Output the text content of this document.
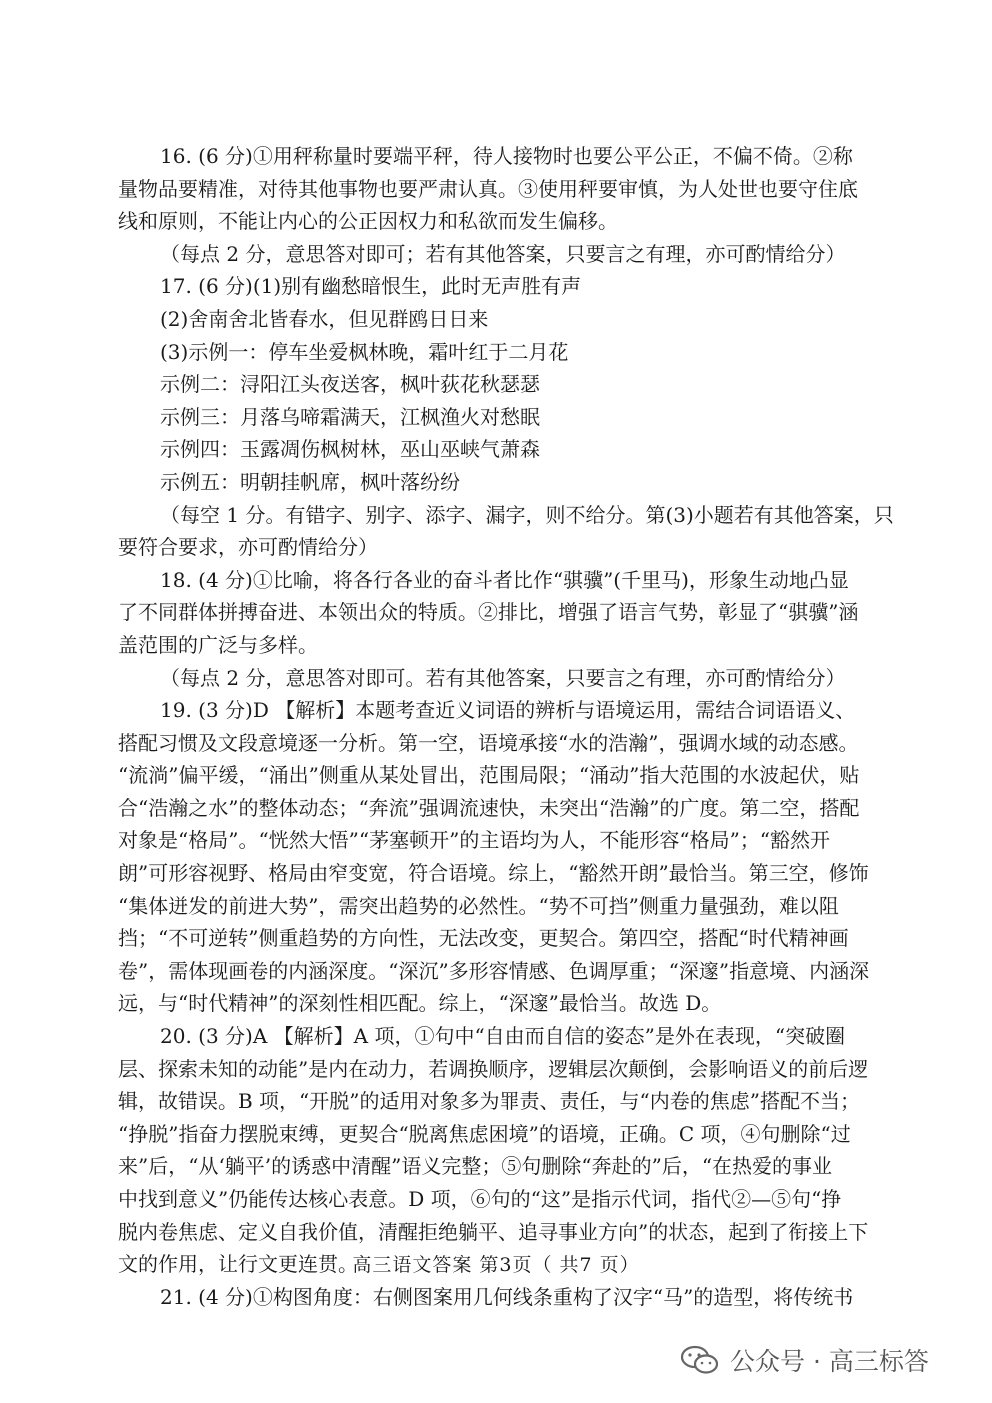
16. (6 分)①用秤称量时要端平秤，待人接物时也要公平公正，不偏不倚。②称
量物品要精准，对待其他事物也要严肃认真。③使用秤要审慎，为人处世也要守住底
线和原则，不能让内心的公正因权力和私欲而发生偏移。
（每点 2 分，意思答对即可；若有其他答案，只要言之有理，亦可酌情给分）
17. (6 分)(1)别有幽愁暗恨生，此时无声胜有声
(2)舍南舍北皆春水，但见群鸥日日来
(3)示例一：停车坐爱枫林晚，霜叶红于二月花
示例二：浔阳江头夜送客，枫叶荻花秋瑟瑟
示例三：月落乌啼霜满天，江枫渔火对愁眠
示例四：玉露凋伤枫树林，巫山巫峡气萧森
示例五：明朝挂帆席，枫叶落纷纷
（每空 1 分。有错字、别字、添字、漏字，则不给分。第(3)小题若有其他答案，只
要符合要求，亦可酌情给分）
18. (4 分)①比喻，将各行各业的奋斗者比作“骐骥”(千里马)，形象生动地凸显
了不同群体拼搏奋进、本领出众的特质。②排比，增强了语言气势，彰显了“骐骥”涵
盖范围的广泛与多样。
（每点 2 分，意思答对即可。若有其他答案，只要言之有理，亦可酌情给分）
19. (3 分)D 【解析】本题考查近义词语的辨析与语境运用，需结合词语语义、
搭配习惯及文段意境逐一分析。第一空，语境承接“水的浩瀚”，强调水域的动态感。
“流淌”偏平缓，“涌出”侧重从某处冒出，范围局限；“涌动”指大范围的水波起伏，贴
合“浩瀚之水”的整体动态；“奔流”强调流速快，未突出“浩瀚”的广度。第二空，搭配
对象是“格局”。“恍然大悟”“茅塞顿开”的主语均为人，不能形容“格局”；“豁然开
朗”可形容视野、格局由窄变宽，符合语境。综上，“豁然开朗”最恰当。第三空，修饰
“集体迸发的前进大势”，需突出趋势的必然性。“势不可挡”侧重力量强劲，难以阻
挡；“不可逆转”侧重趋势的方向性，无法改变，更契合。第四空，搭配“时代精神画
卷”，需体现画卷的内涵深度。“深沉”多形容情感、色调厚重；“深邃”指意境、内涵深
远，与“时代精神”的深刻性相匹配。综上，“深邃”最恰当。故选 D。
20. (3 分)A 【解析】A 项，①句中“自由而自信的姿态”是外在表现，“突破圈
层、探索未知的动能”是内在动力，若调换顺序，逻辑层次颠倒，会影响语义的前后逻
辑，故错误。B 项，“开脱”的适用对象多为罪责、责任，与“内卷的焦虑”搭配不当；
“挣脱”指奋力摆脱束缚，更契合“脱离焦虑困境”的语境，正确。C 项，④句删除“过
来”后，“从‘躺平’的诱惑中清醒”语义完整；⑤句删除“奔赴的”后，“在热爱的事业
中找到意义”仍能传达核心表意。D 项，⑥句的“这”是指示代词，指代②—⑤句“挣
脱内卷焦虑、定义自我价值，清醒拒绝躺平、追寻事业方向”的状态，起到了衔接上下
文的作用，让行文更连贯。
21. (4 分)①构图角度：右侧图案用几何线条重构了汉字“马”的造型，将传统书
高三语文答案 第3页（ 共7 页）
公众号 · 高三标答
